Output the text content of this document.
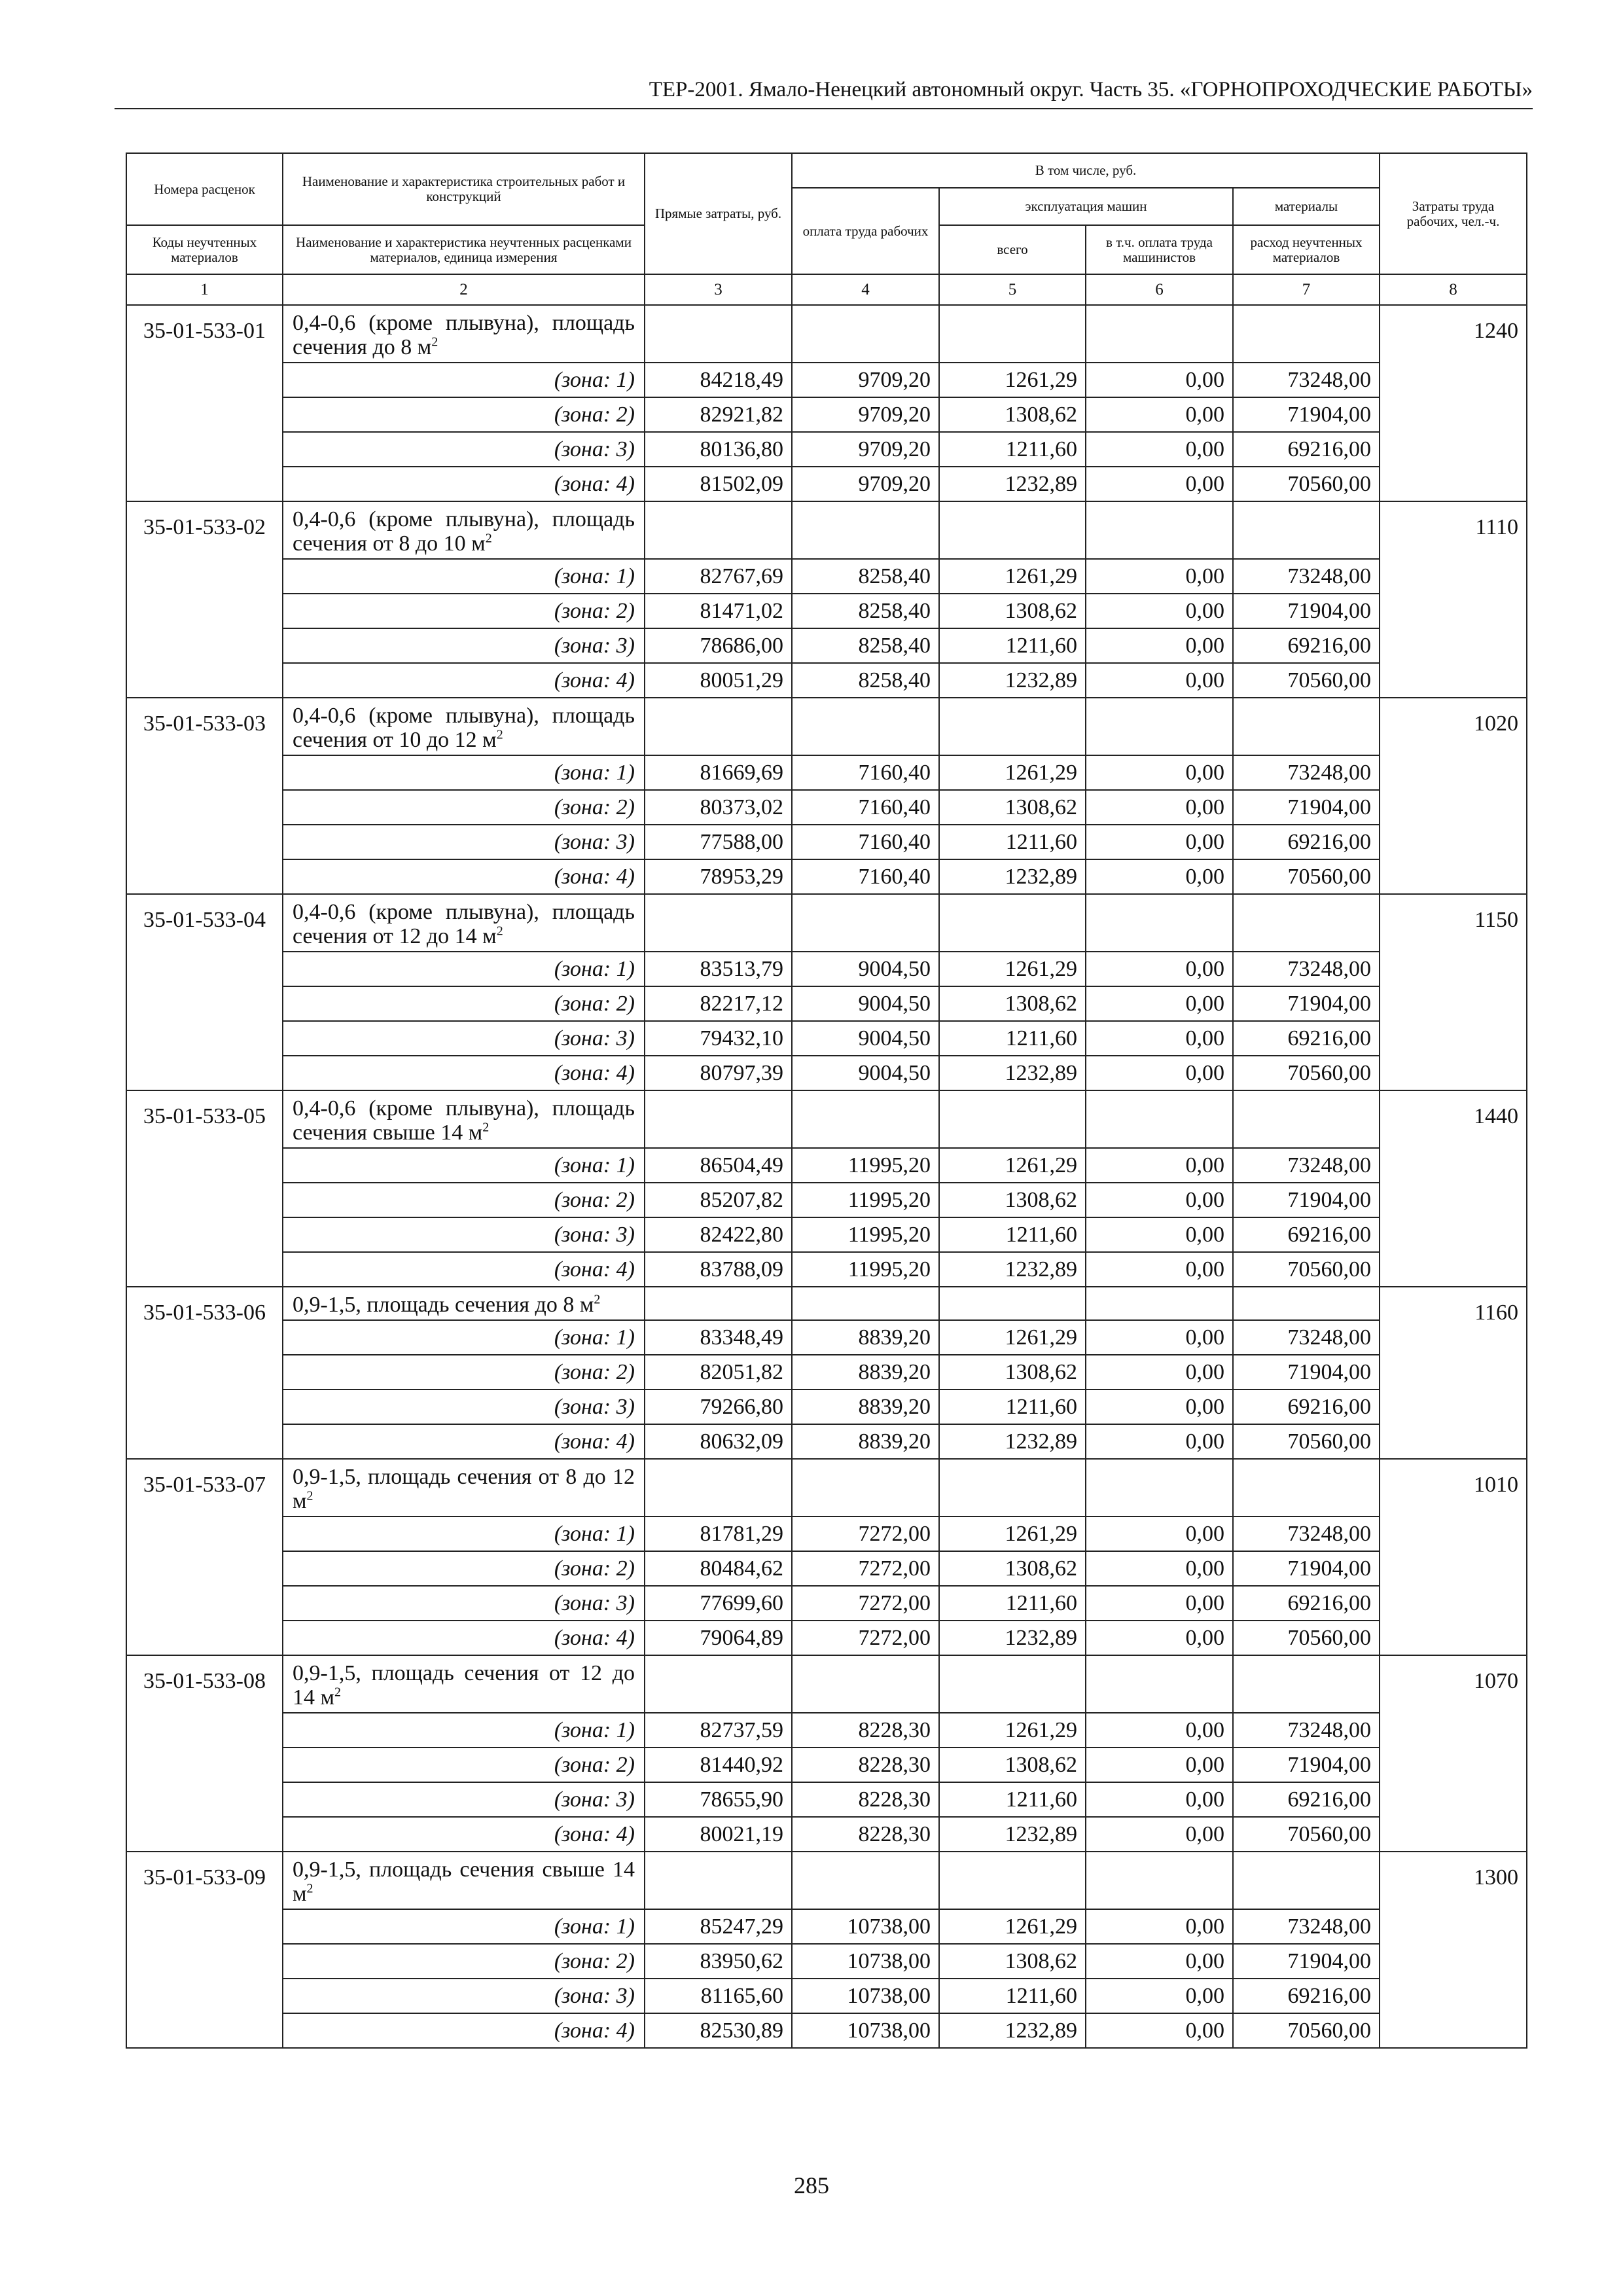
ТЕР-2001. Ямало-Ненецкий автономный округ. Часть 35. «ГОРНОПРОХОДЧЕСКИЕ РАБОТЫ»
Номера расценок	Наименование и характеристика строительных работ и конструкций	Прямые затраты, руб.	В том числе, руб.				Затраты труда рабочих, чел.-ч.
			оплата труда рабочих	эксплуатация машин		материалы	
Коды неучтенных материалов	Наименование и характеристика неучтенных расценками материалов, единица измерения			всего	в т.ч. оплата труда машинистов	расход неучтенных материалов	
1	2	3	4	5	6	7	8
35-01-533-01	0,4-0,6 (кроме плывуна), площадь сечения до 8 $м^2$						1240
	(зона: 1)	84218,49	9709,20	1261,29	0,00	73248,00	
	(зона: 2)	82921,82	9709,20	1308,62	0,00	71904,00	
	(зона: 3)	80136,80	9709,20	1211,60	0,00	69216,00	
	(зона: 4)	81502,09	9709,20	1232,89	0,00	70560,00	
35-01-533-02	0,4-0,6 (кроме плывуна), площадь сечения от 8 до 10 $м^2$						1110
	(зона: 1)	82767,69	8258,40	1261,29	0,00	73248,00	
	(зона: 2)	81471,02	8258,40	1308,62	0,00	71904,00	
	(зона: 3)	78686,00	8258,40	1211,60	0,00	69216,00	
	(зона: 4)	80051,29	8258,40	1232,89	0,00	70560,00	
35-01-533-03	0,4-0,6 (кроме плывуна), площадь сечения от 10 до 12 $м^2$						1020
	(зона: 1)	81669,69	7160,40	1261,29	0,00	73248,00	
	(зона: 2)	80373,02	7160,40	1308,62	0,00	71904,00	
	(зона: 3)	77588,00	7160,40	1211,60	0,00	69216,00	
	(зона: 4)	78953,29	7160,40	1232,89	0,00	70560,00	
35-01-533-04	0,4-0,6 (кроме плывуна), площадь сечения от 12 до 14 $м^2$						1150
	(зона: 1)	83513,79	9004,50	1261,29	0,00	73248,00	
	(зона: 2)	82217,12	9004,50	1308,62	0,00	71904,00	
	(зона: 3)	79432,10	9004,50	1211,60	0,00	69216,00	
	(зона: 4)	80797,39	9004,50	1232,89	0,00	70560,00	
35-01-533-05	0,4-0,6 (кроме плывуна), площадь сечения свыше 14 $м^2$						1440
	(зона: 1)	86504,49	11995,20	1261,29	0,00	73248,00	
	(зона: 2)	85207,82	11995,20	1308,62	0,00	71904,00	
	(зона: 3)	82422,80	11995,20	1211,60	0,00	69216,00	
	(зона: 4)	83788,09	11995,20	1232,89	0,00	70560,00	
35-01-533-06	0,9-1,5, площадь сечения до 8 $м^2$						1160
	(зона: 1)	83348,49	8839,20	1261,29	0,00	73248,00	
	(зона: 2)	82051,82	8839,20	1308,62	0,00	71904,00	
	(зона: 3)	79266,80	8839,20	1211,60	0,00	69216,00	
	(зона: 4)	80632,09	8839,20	1232,89	0,00	70560,00	
35-01-533-07	0,9-1,5, площадь сечения от 8 до 12 $м^2$						1010
	(зона: 1)	81781,29	7272,00	1261,29	0,00	73248,00	
	(зона: 2)	80484,62	7272,00	1308,62	0,00	71904,00	
	(зона: 3)	77699,60	7272,00	1211,60	0,00	69216,00	
	(зона: 4)	79064,89	7272,00	1232,89	0,00	70560,00	
35-01-533-08	0,9-1,5, площадь сечения от 12 до 14 $м^2$						1070
	(зона: 1)	82737,59	8228,30	1261,29	0,00	73248,00	
	(зона: 2)	81440,92	8228,30	1308,62	0,00	71904,00	
	(зона: 3)	78655,90	8228,30	1211,60	0,00	69216,00	
	(зона: 4)	80021,19	8228,30	1232,89	0,00	70560,00	
35-01-533-09	0,9-1,5, площадь сечения свыше 14 $м^2$						1300
	(зона: 1)	85247,29	10738,00	1261,29	0,00	73248,00	
	(зона: 2)	83950,62	10738,00	1308,62	0,00	71904,00	
	(зона: 3)	81165,60	10738,00	1211,60	0,00	69216,00	
	(зона: 4)	82530,89	10738,00	1232,89	0,00	70560,00	
285
